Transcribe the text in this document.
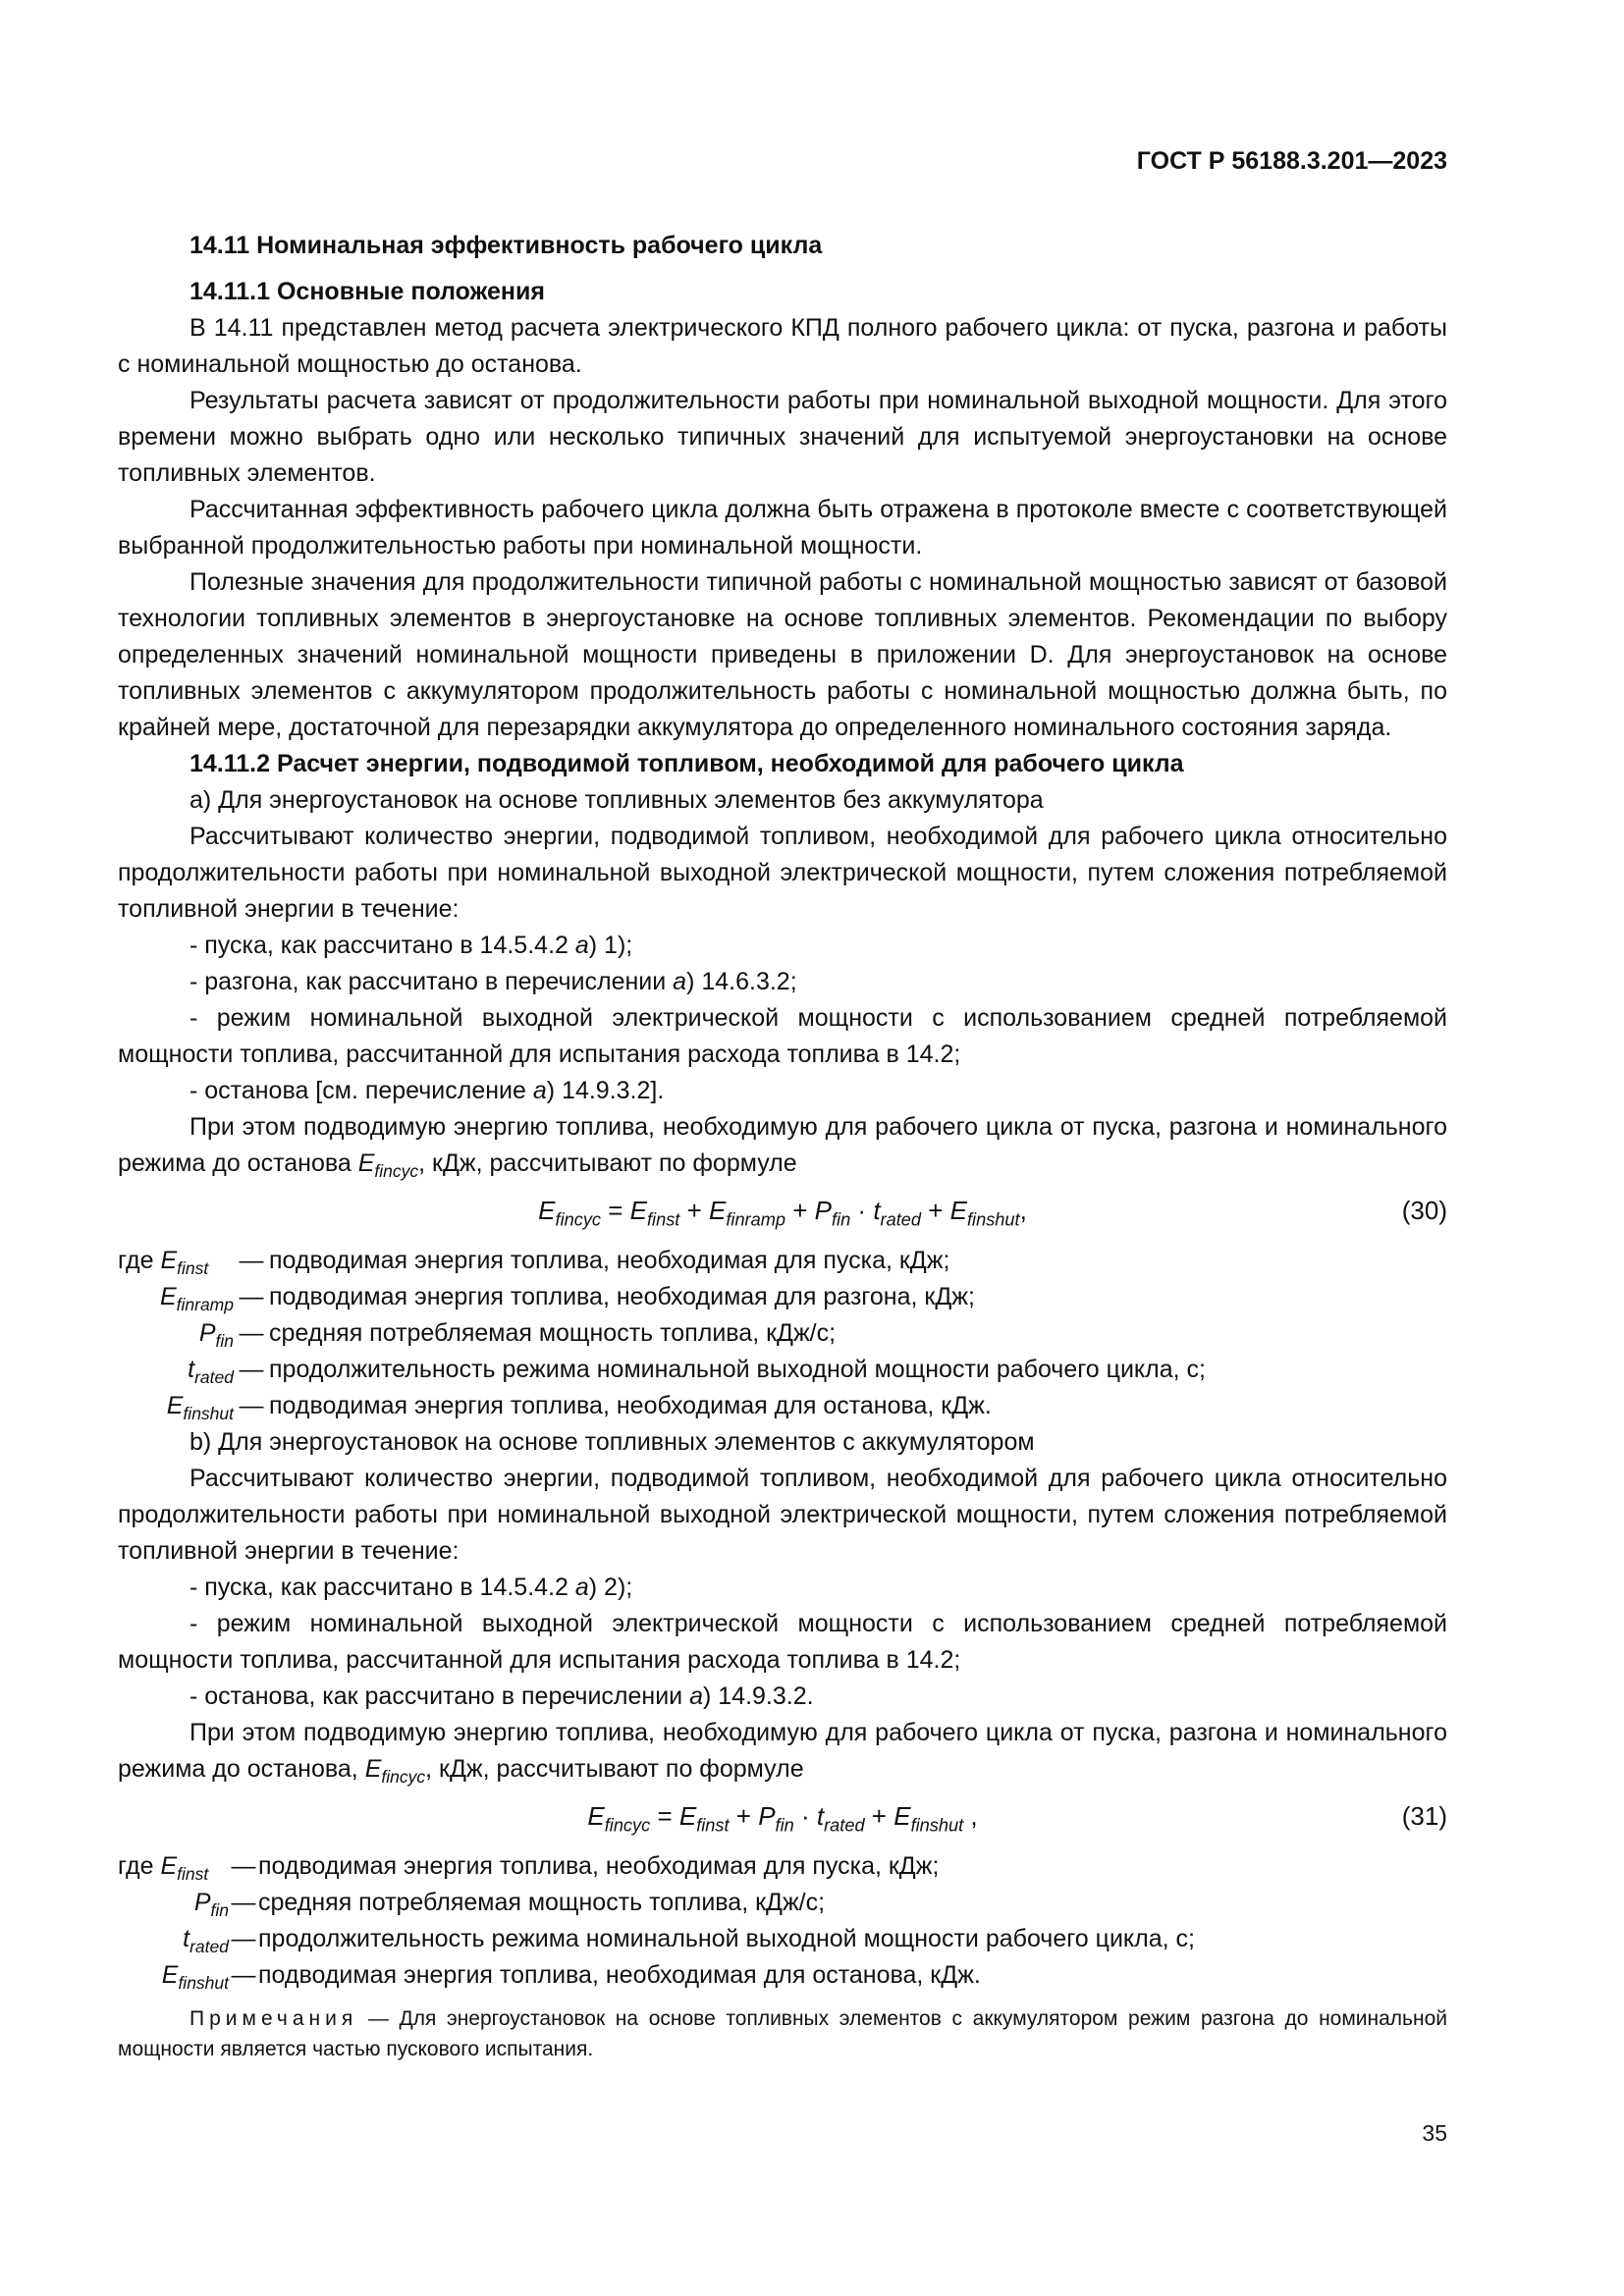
ГОСТ Р 56188.3.201—2023

14.11 Номинальная эффективность рабочего цикла

14.11.1 Основные положения

В 14.11 представлен метод расчета электрического КПД полного рабочего цикла: от пуска, разгона и работы с номинальной мощностью до останова.

Результаты расчета зависят от продолжительности работы при номинальной выходной мощности. Для этого времени можно выбрать одно или несколько типичных значений для испытуемой энергоустановки на основе топливных элементов.

Рассчитанная эффективность рабочего цикла должна быть отражена в протоколе вместе с соответствующей выбранной продолжительностью работы при номинальной мощности.

Полезные значения для продолжительности типичной работы с номинальной мощностью зависят от базовой технологии топливных элементов в энергоустановке на основе топливных элементов. Рекомендации по выбору определенных значений номинальной мощности приведены в приложении D. Для энергоустановок на основе топливных элементов с аккумулятором продолжительность работы с номинальной мощностью должна быть, по крайней мере, достаточной для перезарядки аккумулятора до определенного номинального состояния заряда.

14.11.2 Расчет энергии, подводимой топливом, необходимой для рабочего цикла

a) Для энергоустановок на основе топливных элементов без аккумулятора

Рассчитывают количество энергии, подводимой топливом, необходимой для рабочего цикла относительно продолжительности работы при номинальной выходной электрической мощности, путем сложения потребляемой топливной энергии в течение:

- пуска, как рассчитано в 14.5.4.2 а) 1);

- разгона, как рассчитано в перечислении а) 14.6.3.2;

- режим номинальной выходной электрической мощности с использованием средней потребляемой мощности топлива, рассчитанной для испытания расхода топлива в 14.2;

- останова [см. перечисление а) 14.9.3.2].

При этом подводимую энергию топлива, необходимую для рабочего цикла от пуска, разгона и номинального режима до останова $E_{fincyc}$, кДж, рассчитывают по формуле

$E_{fincyc} = E_{finst} + E_{finramp} + P_{fin} \cdot t_{rated} + E_{finshut}$,	(30)
где $E_{finst}$	— подводимая энергия топлива, необходимая для пуска, кДж;
$E_{finramp}$ — подводимая энергия топлива, необходимая для разгона, кДж;
$P_{fin}$ — средняя потребляемая мощность топлива, кДж/с;
$t_{rated}$ — продолжительность режима номинальной выходной мощности рабочего цикла, с;
$E_{finshut}$ — подводимая энергия топлива, необходимая для останова, кДж.

b) Для энергоустановок на основе топливных элементов с аккумулятором

Рассчитывают количество энергии, подводимой топливом, необходимой для рабочего цикла относительно продолжительности работы при номинальной выходной электрической мощности, путем сложения потребляемой топливной энергии в течение:

- пуска, как рассчитано в 14.5.4.2 а) 2);

- режим номинальной выходной электрической мощности с использованием средней потребляемой мощности топлива, рассчитанной для испытания расхода топлива в 14.2;

- останова, как рассчитано в перечислении а) 14.9.3.2.

При этом подводимую энергию топлива, необходимую для рабочего цикла от пуска, разгона и номинального режима до останова, $E_{fincyc}$, кДж, рассчитывают по формуле

$E_{fincyc} = E_{finst} + P_{fin} \cdot t_{rated} + E_{finshut}$ ,	(31)
где $E_{finst}$ — подводимая энергия топлива, необходимая для пуска, кДж;
$P_{fin}$ — средняя потребляемая мощность топлива, кДж/с;
$t_{rated}$ — продолжительность режима номинальной выходной мощности рабочего цикла, с;
$E_{finshut}$ — подводимая энергия топлива, необходимая для останова, кДж.

Примечания — Для энергоустановок на основе топливных элементов с аккумулятором режим разгона до номинальной мощности является частью пускового испытания.

35
